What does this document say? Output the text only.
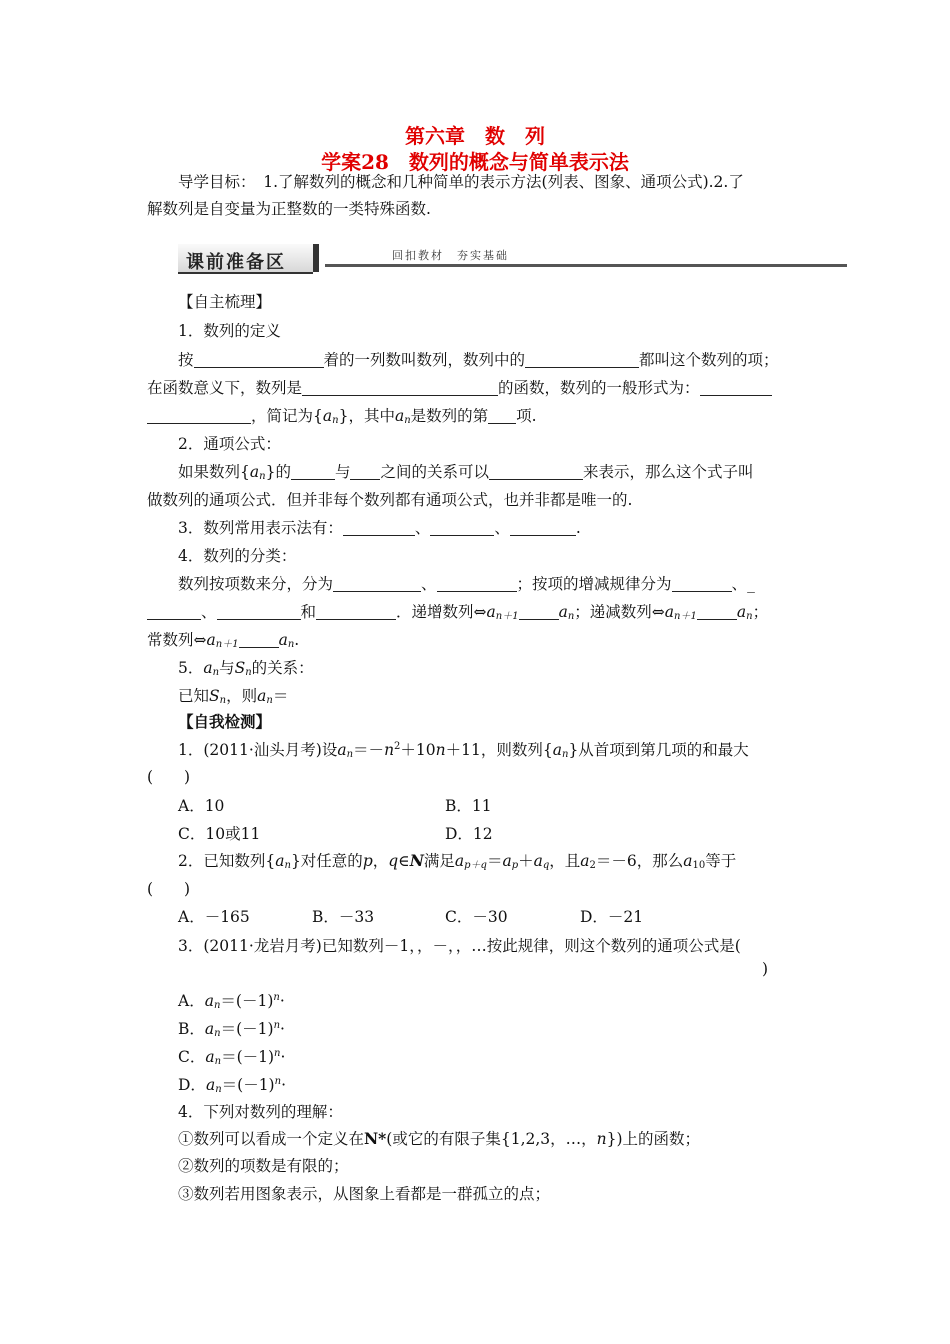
第六章　数　列
学案28　数列的概念与简单表示法
导学目标：　1.了解数列的概念和几种简单的表示方法(列表、图象、通项公式).2.了
解数列是自变量为正整数的一类特殊函数.
课前准备区	回扣教材　夯实基础
【自主梳理】
1．数列的定义
按	着的一列数叫数列，数列中的	都叫这个数列的项；
在函数意义下，数列是	的函数，数列的一般形式为：
，简记为$\{a_n\}$，其中$a_n$是数列的第 项.
2．通项公式：
如果数列$\{a_n\}$的	与 之间的关系可以	来表示，那么这个式子叫
做数列的通项公式．但并非每个数列都有通项公式，也并非都是唯一的.
3．数列常用表示法有：	、	、	.
4．数列的分类：
数列按项数来分，分为	、	；按项的增减规律分为	、_
、	和	．递增数列$\Leftrightarrow a_{n+1}$	$a_n$；递减数列$\Leftrightarrow a_{n+1}$	$a_n$；
常数列$\Leftrightarrow a_{n+1}$	$a_n$.
5．$a_n$与$S_n$的关系：
已知$S_n$，则$a_n=$
【自我检测】
1．(2011·汕头月考)设$a_n=-n^2+10n+11$，则数列$\{a_n\}$从首项到第几项的和最大
(　　)
A．10	B．11
C．10或11	D．12
2．已知数列$\{a_n\}$对任意的p，q∈N满足$a_{p+q}=a_p+a_q$，且$a_2=-6$，那么$a_{10}$等于
(　　)
A．－165	B．－33	C．－30	D．－21
3．(2011·龙岩月考)已知数列－1，，－，，…按此规律，则这个数列的通项公式是(
)
A．$a_n=(-1)^n\cdot$
B．$a_n=(-1)^n\cdot$
C．$a_n=(-1)^n\cdot$
D．$a_n=(-1)^n\cdot$
4．下列对数列的理解：
①数列可以看成一个定义在N*(或它的有限子集{1,2,3，…，n})上的函数；
②数列的项数是有限的；
③数列若用图象表示，从图象上看都是一群孤立的点；
